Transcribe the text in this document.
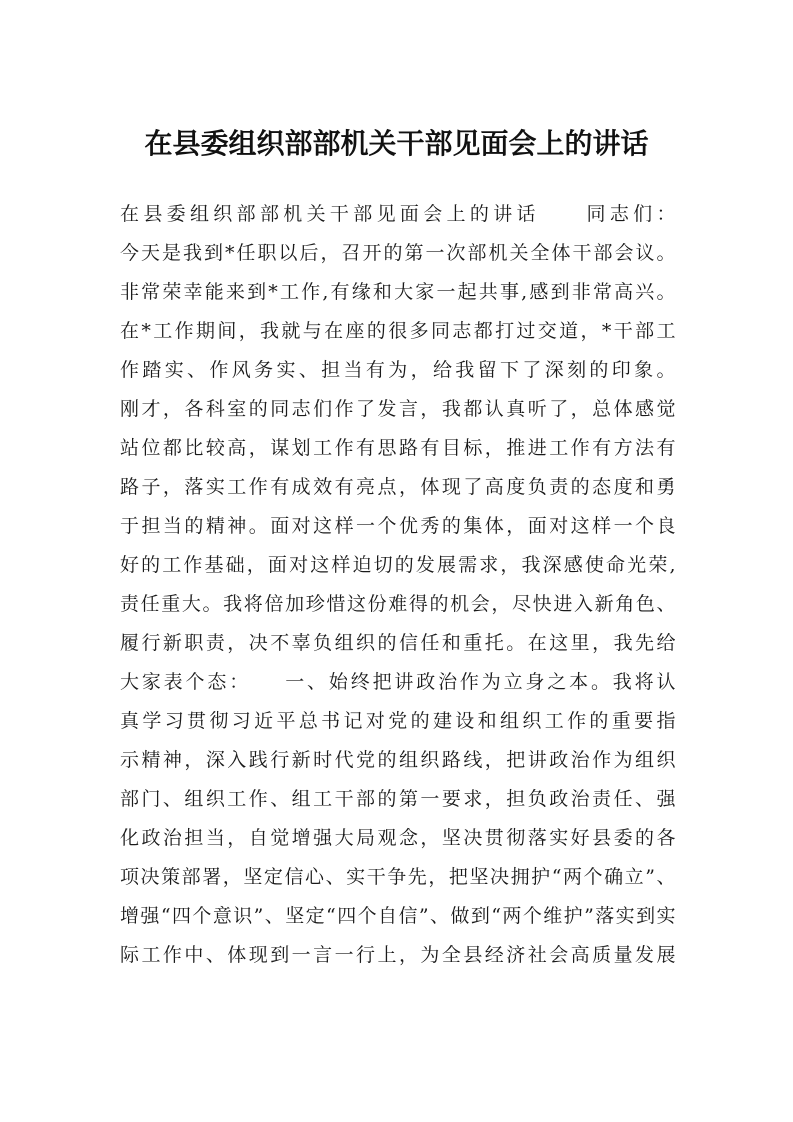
在县委组织部部机关干部见面会上的讲话
在县委组织部部机关干部见面会上的讲话　　同志们：
今天是我到*任职以后，召开的第一次部机关全体干部会议。
非常荣幸能来到*工作,有缘和大家一起共事,感到非常高兴。
在*工作期间，我就与在座的很多同志都打过交道，*干部工
作踏实、作风务实、担当有为，给我留下了深刻的印象。
刚才，各科室的同志们作了发言，我都认真听了，总体感觉
站位都比较高，谋划工作有思路有目标，推进工作有方法有
路子，落实工作有成效有亮点，体现了高度负责的态度和勇
于担当的精神。面对这样一个优秀的集体，面对这样一个良
好的工作基础，面对这样迫切的发展需求，我深感使命光荣,
责任重大。我将倍加珍惜这份难得的机会，尽快进入新角色、
履行新职责，决不辜负组织的信任和重托。在这里，我先给
大家表个态：　　一、始终把讲政治作为立身之本。我将认
真学习贯彻习近平总书记对党的建设和组织工作的重要指
示精神，深入践行新时代党的组织路线，把讲政治作为组织
部门、组织工作、组工干部的第一要求，担负政治责任、强
化政治担当，自觉增强大局观念，坚决贯彻落实好县委的各
项决策部署，坚定信心、实干争先，把坚决拥护“两个确立”、
增强“四个意识”、坚定“四个自信”、做到“两个维护”落实到实
际工作中、体现到一言一行上，为全县经济社会高质量发展
